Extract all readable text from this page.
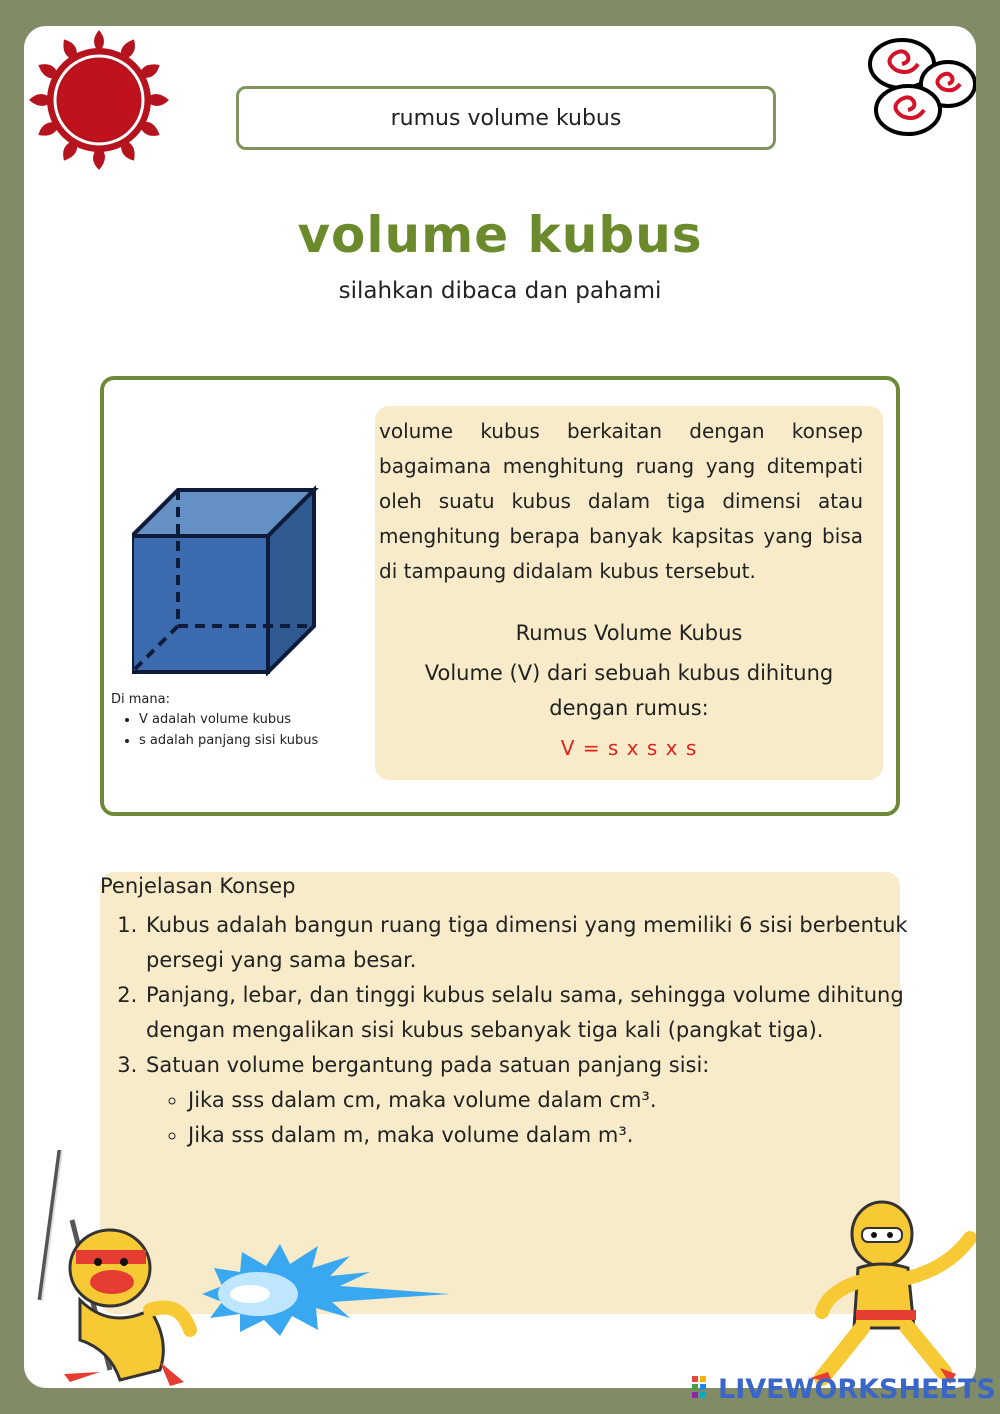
rumus volume kubus
volume kubus
silahkan dibaca dan pahami
Di mana:
• V adalah volume kubus
• s adalah panjang sisi kubus

volume kubus berkaitan dengan konsep bagaimana menghitung ruang yang ditempati oleh suatu kubus dalam tiga dimensi atau menghitung berapa banyak kapsitas yang bisa di tampaung didalam kubus tersebut.

Rumus Volume Kubus
Volume (V) dari sebuah kubus dihitung dengan rumus:
V = s x s x s
Penjelasan Konsep
1. Kubus adalah bangun ruang tiga dimensi yang memiliki 6 sisi berbentuk persegi yang sama besar.
2. Panjang, lebar, dan tinggi kubus selalu sama, sehingga volume dihitung dengan mengalikan sisi kubus sebanyak tiga kali (pangkat tiga).
3. Satuan volume bergantung pada satuan panjang sisi:
◦ Jika sss dalam cm, maka volume dalam cm³.
◦ Jika sss dalam m, maka volume dalam m³.
LIVEWORKSHEETS
